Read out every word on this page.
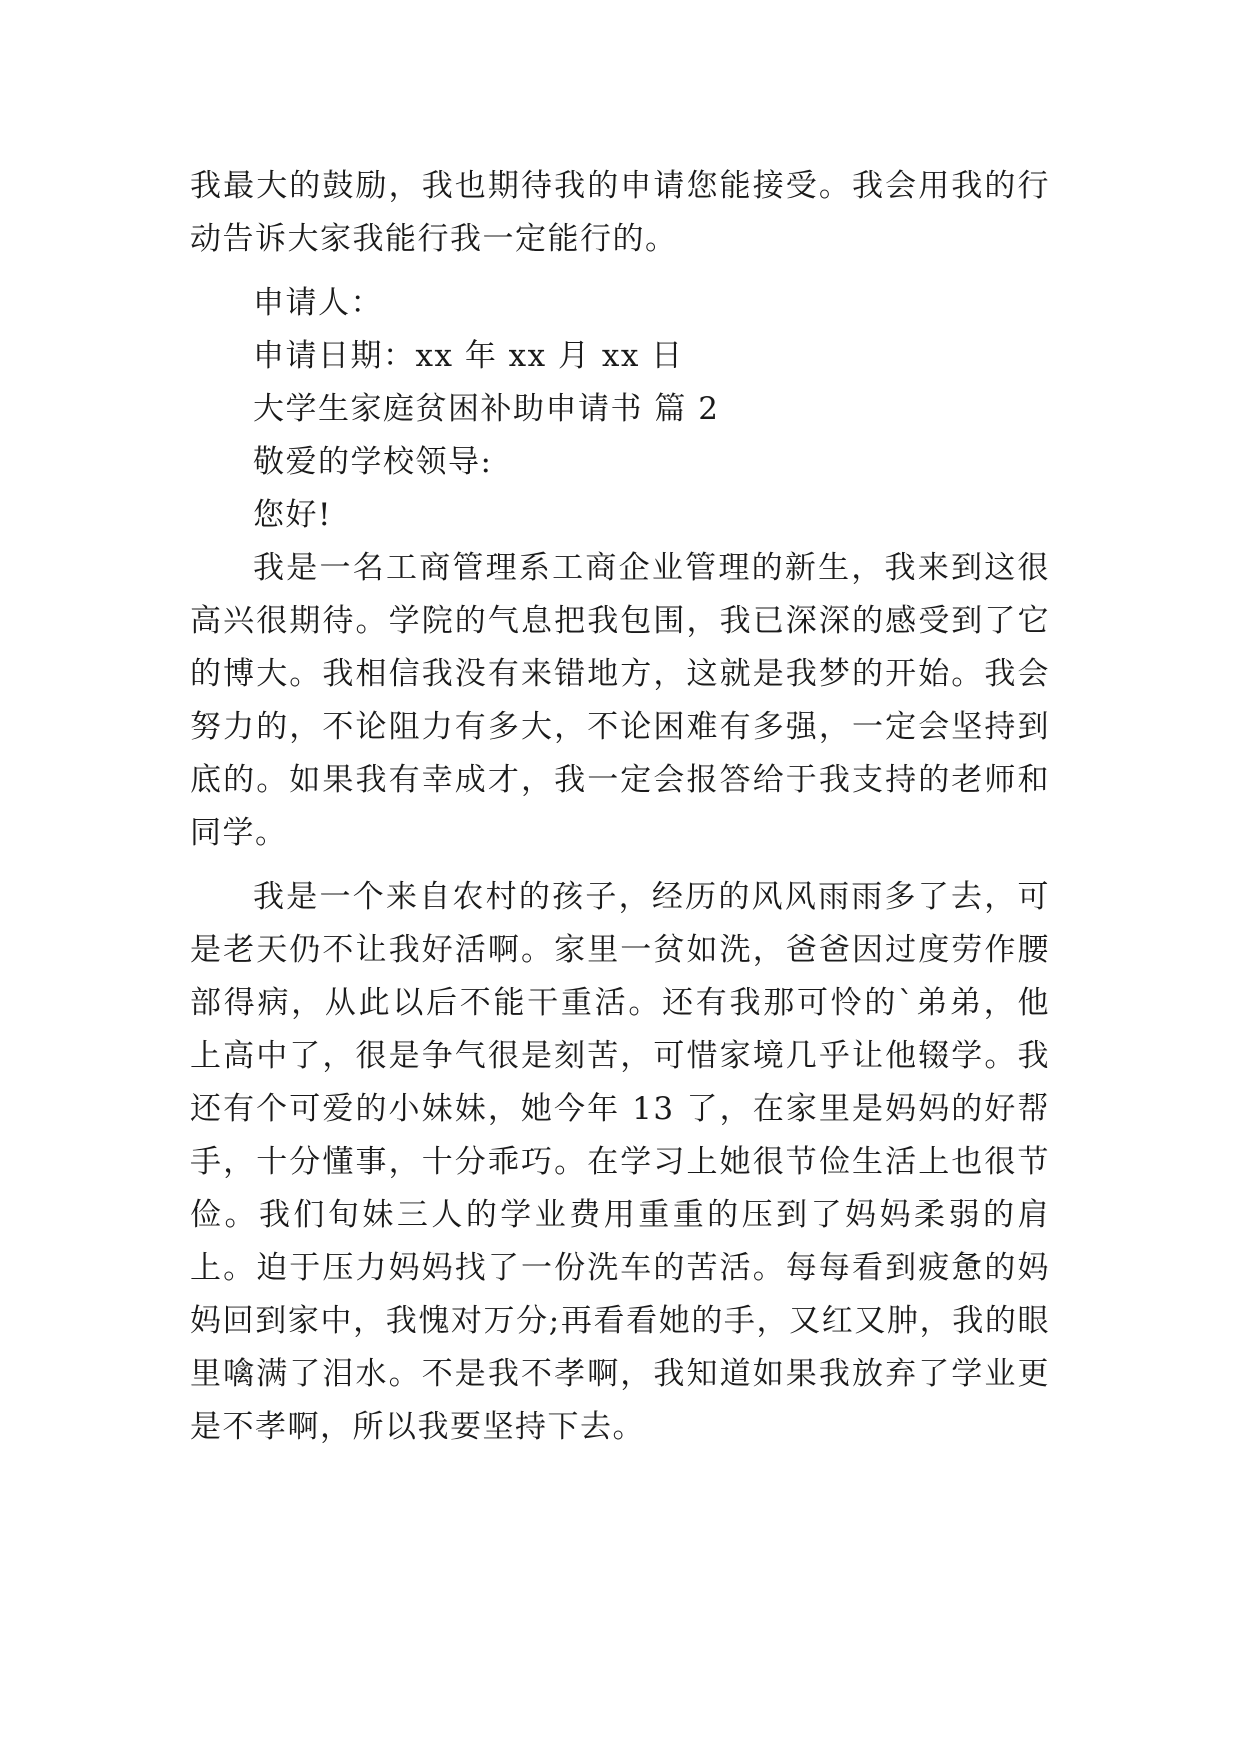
我最大的鼓励，我也期待我的申请您能接受。我会用我的行动告诉大家我能行我一定能行的。

申请人：

申请日期：xx 年 xx 月 xx 日

大学生家庭贫困补助申请书 篇 2

敬爱的学校领导:

您好!

我是一名工商管理系工商企业管理的新生，我来到这很高兴很期待。学院的气息把我包围，我已深深的感受到了它的博大。我相信我没有来错地方，这就是我梦的开始。我会努力的，不论阻力有多大，不论困难有多强，一定会坚持到底的。如果我有幸成才，我一定会报答给于我支持的老师和同学。

我是一个来自农村的孩子，经历的风风雨雨多了去，可是老天仍不让我好活啊。家里一贫如洗，爸爸因过度劳作腰部得病，从此以后不能干重活。还有我那可怜的`弟弟，他上高中了，很是争气很是刻苦，可惜家境几乎让他辍学。我还有个可爱的小妹妹，她今年 13 了，在家里是妈妈的好帮手，十分懂事，十分乖巧。在学习上她很节俭生活上也很节俭。我们旬妹三人的学业费用重重的压到了妈妈柔弱的肩上。迫于压力妈妈找了一份洗车的苦活。每每看到疲惫的妈妈回到家中，我愧对万分;再看看她的手，又红又肿，我的眼里噙满了泪水。不是我不孝啊，我知道如果我放弃了学业更是不孝啊，所以我要坚持下去。
